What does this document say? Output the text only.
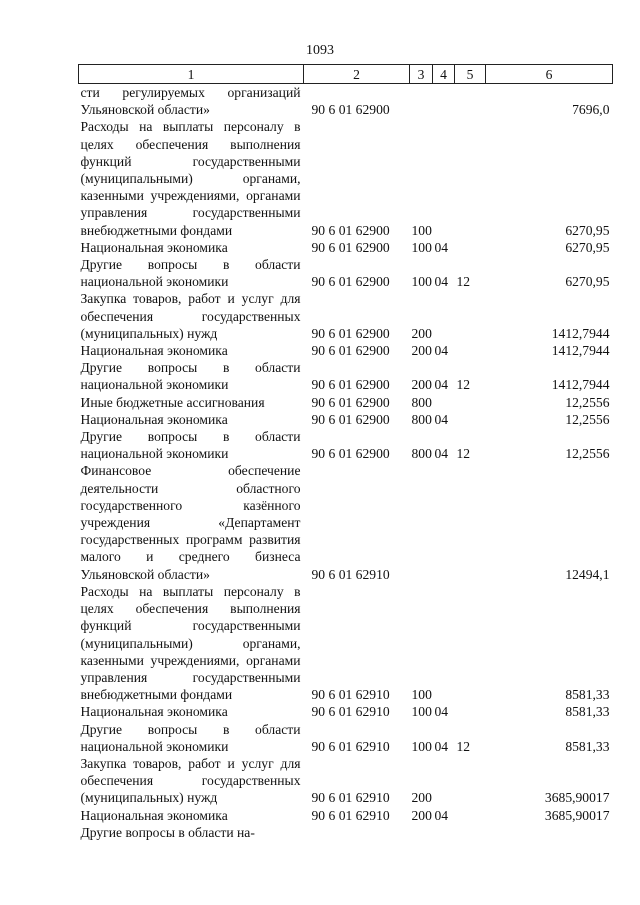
1093
1	2	3	4	5	6
сти регулируемых организаций Ульяновской области»	90 6 01 62900				7696,0
Расходы на выплаты персоналу в целях обеспечения выполнения функций государственными (муниципальными) органами, казенными учреждениями, органами управления государственными внебюджетными фондами	90 6 01 62900	100			6270,95
Национальная экономика	90 6 01 62900	100	04		6270,95
Другие вопросы в области национальной экономики	90 6 01 62900	100	04	12	6270,95
Закупка товаров, работ и услуг для обеспечения государственных (муниципальных) нужд	90 6 01 62900	200			1412,7944
Национальная экономика	90 6 01 62900	200	04		1412,7944
Другие вопросы в области национальной экономики	90 6 01 62900	200	04	12	1412,7944
Иные бюджетные ассигнования	90 6 01 62900	800			12,2556
Национальная экономика	90 6 01 62900	800	04		12,2556
Другие вопросы в области национальной экономики	90 6 01 62900	800	04	12	12,2556
Финансовое обеспечение деятельности областного государственного казённого учреждения «Департамент государственных программ развития малого и среднего бизнеса Ульяновской области»	90 6 01 62910				12494,1
Расходы на выплаты персоналу в целях обеспечения выполнения функций государственными (муниципальными) органами, казенными учреждениями, органами управления государственными внебюджетными фондами	90 6 01 62910	100			8581,33
Национальная экономика	90 6 01 62910	100	04		8581,33
Другие вопросы в области национальной экономики	90 6 01 62910	100	04	12	8581,33
Закупка товаров, работ и услуг для обеспечения государственных (муниципальных) нужд	90 6 01 62910	200			3685,90017
Национальная экономика	90 6 01 62910	200	04		3685,90017
Другие вопросы в области на-					
